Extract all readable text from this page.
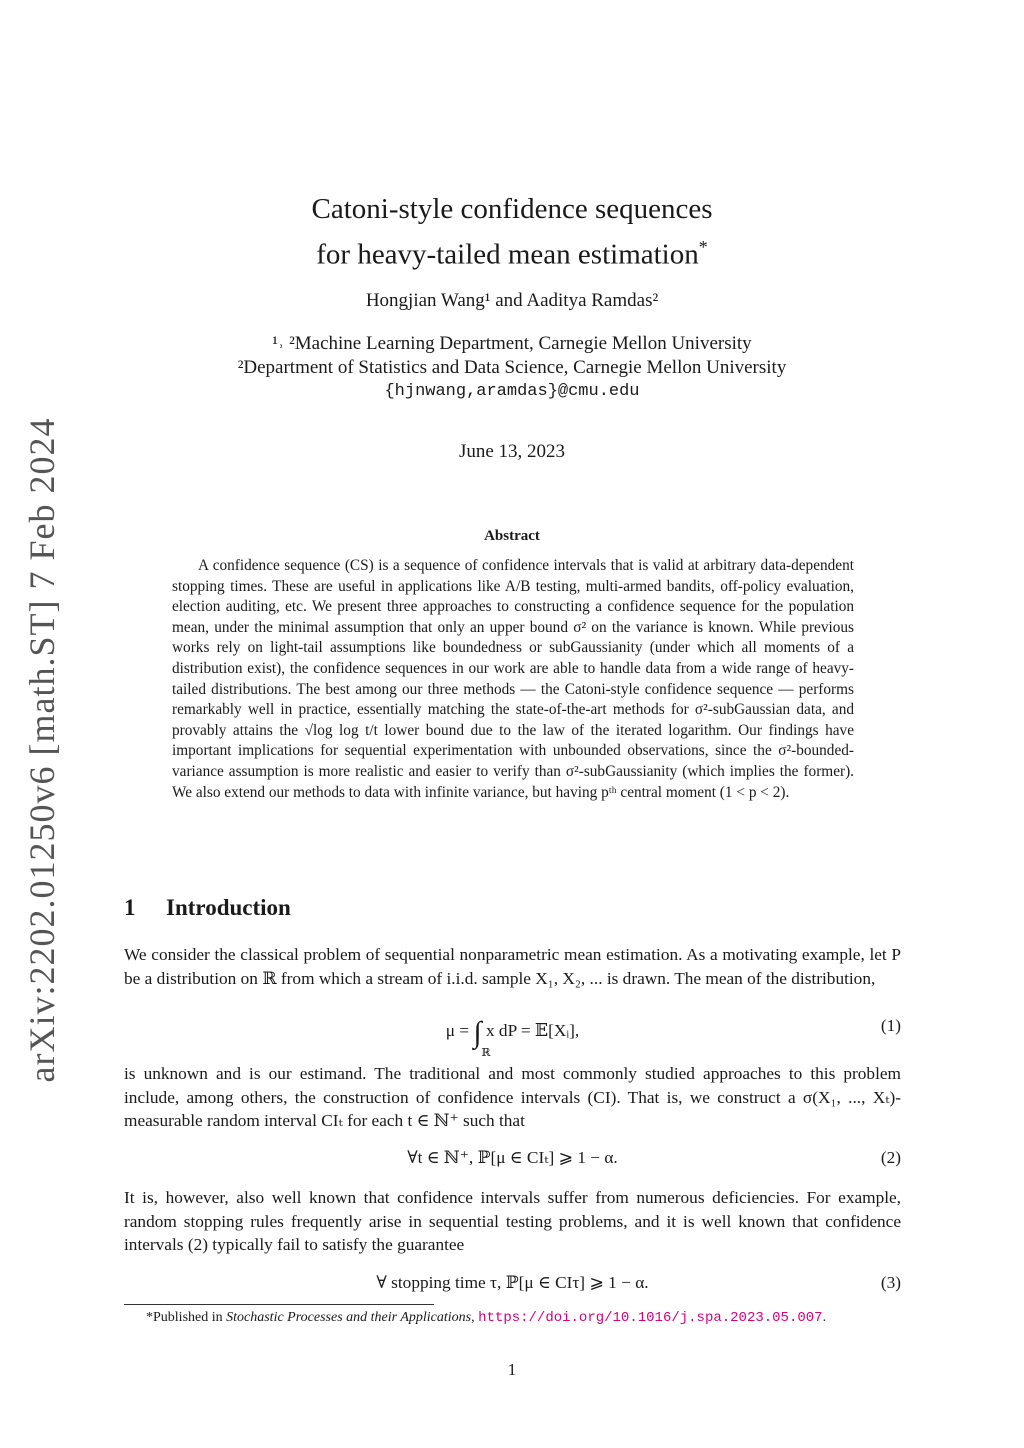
arXiv:2202.01250v6 [math.ST] 7 Feb 2024
Catoni-style confidence sequences
for heavy-tailed mean estimation*
Hongjian Wang¹ and Aaditya Ramdas²
¹˒ ²Machine Learning Department, Carnegie Mellon University
²Department of Statistics and Data Science, Carnegie Mellon University
{hjnwang,aramdas}@cmu.edu
June 13, 2023
Abstract
A confidence sequence (CS) is a sequence of confidence intervals that is valid at arbitrary data-dependent stopping times. These are useful in applications like A/B testing, multi-armed bandits, off-policy evaluation, election auditing, etc. We present three approaches to constructing a confidence sequence for the population mean, under the minimal assumption that only an upper bound σ² on the variance is known. While previous works rely on light-tail assumptions like boundedness or subGaussianity (under which all moments of a distribution exist), the confidence sequences in our work are able to handle data from a wide range of heavy-tailed distributions. The best among our three methods — the Catoni-style confidence sequence — performs remarkably well in practice, essentially matching the state-of-the-art methods for σ²-subGaussian data, and provably attains the √log log t/t lower bound due to the law of the iterated logarithm. Our findings have important implications for sequential experimentation with unbounded observations, since the σ²-bounded-variance assumption is more realistic and easier to verify than σ²-subGaussianity (which implies the former). We also extend our methods to data with infinite variance, but having pᵗʰ central moment (1 < p < 2).
1 Introduction
We consider the classical problem of sequential nonparametric mean estimation. As a motivating example, let P be a distribution on ℝ from which a stream of i.i.d. sample X₁, X₂, ... is drawn. The mean of the distribution,
μ = ∫
ℝ
x dP = 𝔼[Xᵢ],	(1)
is unknown and is our estimand. The traditional and most commonly studied approaches to this problem include, among others, the construction of confidence intervals (CI). That is, we construct a σ(X₁, ..., Xₜ)-measurable random interval CIₜ for each t ∈ ℕ⁺ such that
∀t ∈ ℕ⁺, ℙ[μ ∈ CIₜ] ⩾ 1 − α.	(2)
It is, however, also well known that confidence intervals suffer from numerous deficiencies. For example, random stopping rules frequently arise in sequential testing problems, and it is well known that confidence intervals (2) typically fail to satisfy the guarantee
∀ stopping time τ, ℙ[μ ∈ CIτ] ⩾ 1 − α.	(3)
*Published in Stochastic Processes and their Applications, https://doi.org/10.1016/j.spa.2023.05.007.
1
